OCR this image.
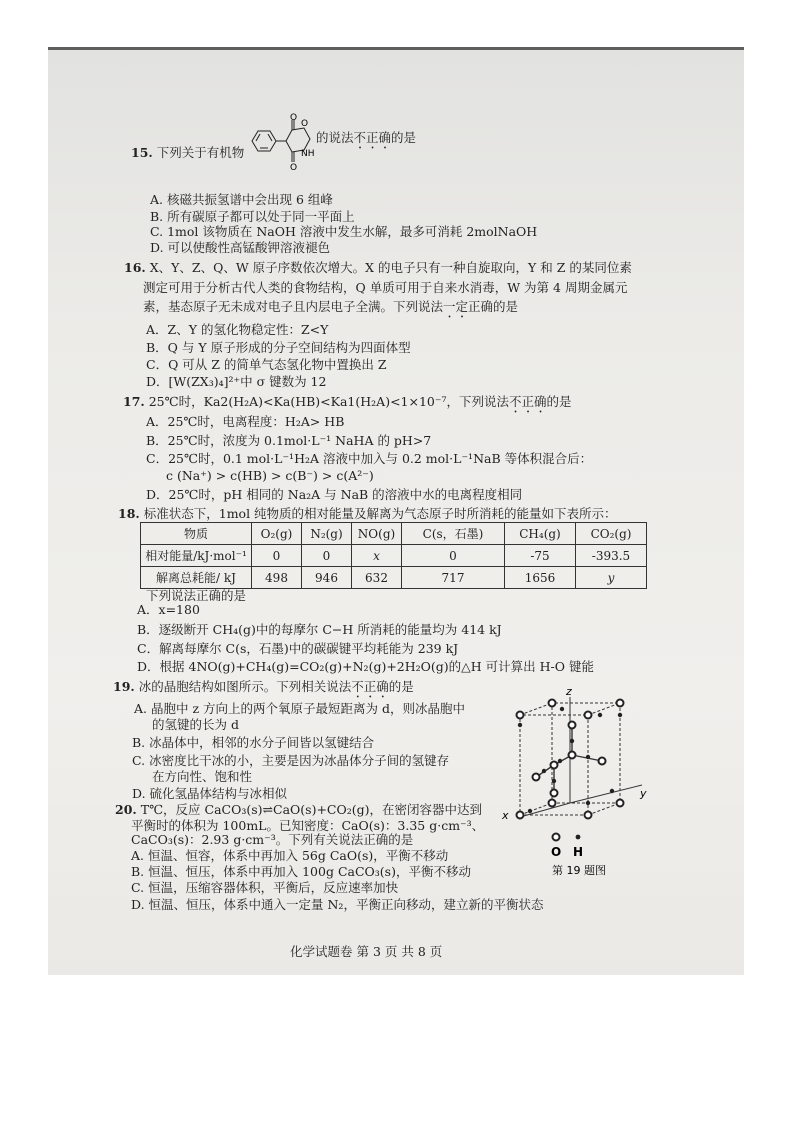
15. 下列关于有机物
O
O
O
NH
的说法不正确的是
A. 核磁共振氢谱中会出现 6 组峰
B. 所有碳原子都可以处于同一平面上
C. 1mol 该物质在 NaOH 溶液中发生水解，最多可消耗 2molNaOH
D. 可以使酸性高锰酸钾溶液褪色
16. X、Y、Z、Q、W 原子序数依次增大。X 的电子只有一种自旋取向，Y 和 Z 的某同位素
测定可用于分析古代人类的食物结构，Q 单质可用于自来水消毒，W 为第 4 周期金属元
素，基态原子无未成对电子且内层电子全满。下列说法一定正确的是
A．Z、Y 的氢化物稳定性：Z<Y
B．Q 与 Y 原子形成的分子空间结构为四面体型
C．Q 可从 Z 的简单气态氢化物中置换出 Z
D．[W(ZX₃)₄]²⁺中 σ 键数为 12
17. 25℃时，Ka2(H₂A)<Ka(HB)<Ka1(H₂A)<1×10⁻⁷，下列说法不正确的是
A．25℃时，电离程度：H₂A> HB
B．25℃时，浓度为 0.1mol·L⁻¹ NaHA 的 pH>7
C．25℃时，0.1 mol·L⁻¹H₂A 溶液中加入与 0.2 mol·L⁻¹NaB 等体积混合后：
c (Na⁺) > c(HB) > c(B⁻) > c(A²⁻)
D．25℃时，pH 相同的 Na₂A 与 NaB 的溶液中水的电离程度相同
18. 标准状态下，1mol 纯物质的相对能量及解离为气态原子时所消耗的能量如下表所示：
物质	O₂(g)	N₂(g)	NO(g)	C(s，石墨)	CH₄(g)	CO₂(g)
相对能量/kJ·mol⁻¹	0	0	x	0	-75	-393.5
解离总耗能/ kJ	498	946	632	717	1656	y
下列说法正确的是
A．x=180
B．逐级断开 CH₄(g)中的每摩尔 C−H 所消耗的能量均为 414 kJ
C．解离每摩尔 C(s，石墨)中的碳碳键平均耗能为 239 kJ
D．根据 4NO(g)+CH₄(g)=CO₂(g)+N₂(g)+2H₂O(g)的△H 可计算出 H-O 键能
19. 冰的晶胞结构如图所示。下列相关说法不正确的是
A. 晶胞中 z 方向上的两个氧原子最短距离为 d，则冰晶胞中
的氢键的长为 d
B. 冰晶体中，相邻的水分子间皆以氢键结合
C. 冰密度比干冰的小，主要是因为冰晶体分子间的氢键存
在方向性、饱和性
D. 硫化氢晶体结构与冰相似
z
y
x
O H
第 19 题图
20. T℃，反应 CaCO₃(s)⇌CaO(s)+CO₂(g)，在密闭容器中达到
平衡时的体积为 100mL。已知密度：CaO(s)：3.35 g·cm⁻³、
CaCO₃(s)：2.93 g·cm⁻³。下列有关说法正确的是
A. 恒温、恒容，体系中再加入 56g CaO(s)，平衡不移动
B. 恒温、恒压，体系中再加入 100g CaCO₃(s)，平衡不移动
C. 恒温，压缩容器体积，平衡后，反应速率加快
D. 恒温、恒压，体系中通入一定量 N₂，平衡正向移动，建立新的平衡状态
化学试题卷 第 3 页 共 8 页
